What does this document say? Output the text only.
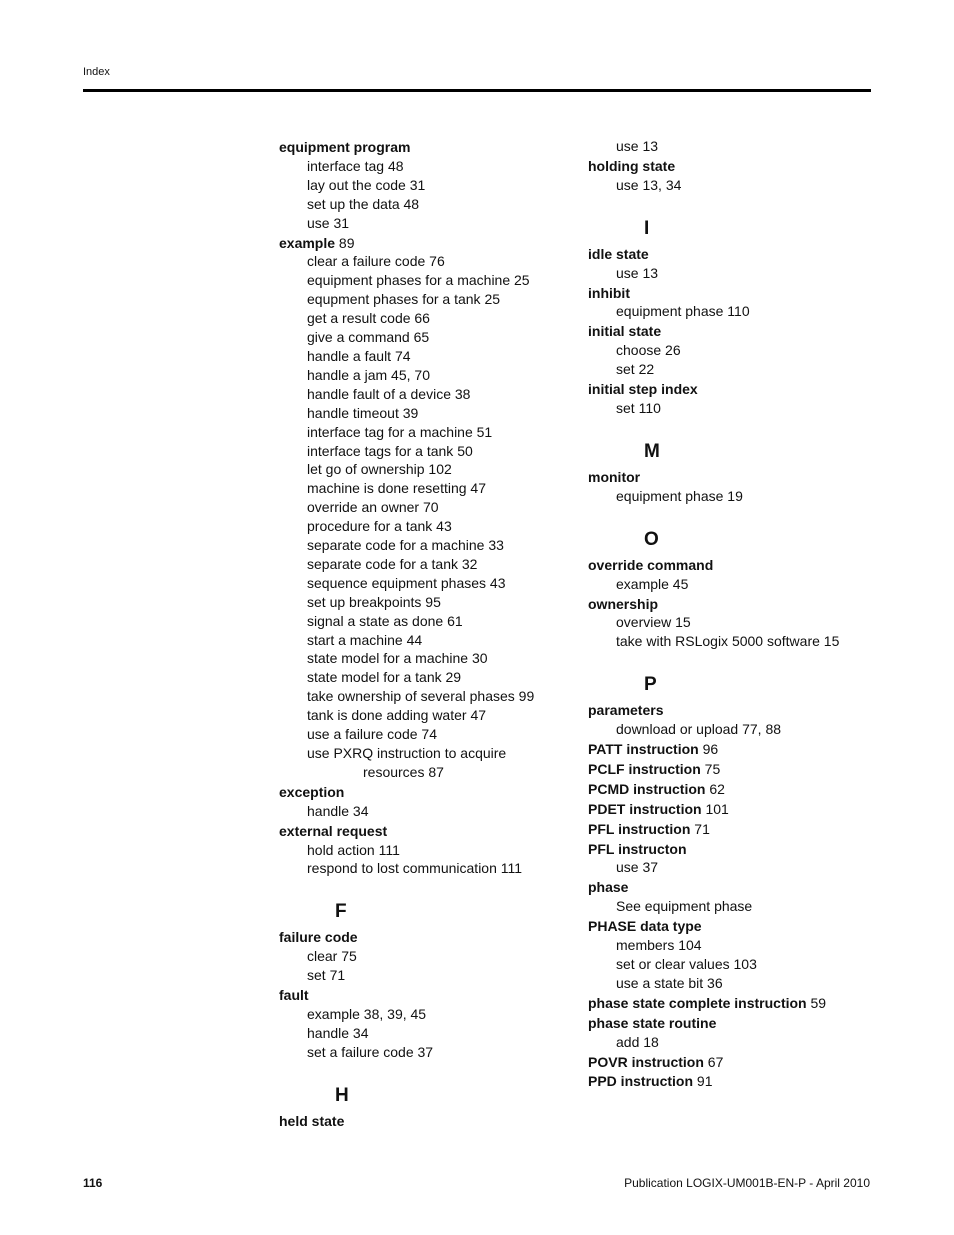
Index
equipment program
interface tag 48
lay out the code 31
set up the data 48
use 31
example 89
clear a failure code 76
equipment phases for a machine 25
equpment phases for a tank 25
get a result code 66
give a command 65
handle a fault 74
handle a jam 45, 70
handle fault of a device 38
handle timeout 39
interface tag for a machine 51
interface tags for a tank 50
let go of ownership 102
machine is done resetting 47
override an owner 70
procedure for a tank 43
separate code for a machine 33
separate code for a tank 32
sequence equipment phases 43
set up breakpoints 95
signal a state as done 61
start a machine 44
state model for a machine 30
state model for a tank 29
take ownership of several phases 99
tank is done adding water 47
use a failure code 74
use PXRQ instruction to acquire
resources 87
exception
handle 34
external request
hold action 111
respond to lost communication 111
F
failure code
clear 75
set 71
fault
example 38, 39, 45
handle 34
set a failure code 37
H
held state
use 13
holding state
use 13, 34
I
idle state
use 13
inhibit
equipment phase 110
initial state
choose 26
set 22
initial step index
set 110
M
monitor
equipment phase 19
O
override command
example 45
ownership
overview 15
take with RSLogix 5000 software 15
P
parameters
download or upload 77, 88
PATT instruction 96
PCLF instruction 75
PCMD instruction 62
PDET instruction 101
PFL instruction 71
PFL instructon
use 37
phase
See equipment phase
PHASE data type
members 104
set or clear values 103
use a state bit 36
phase state complete instruction 59
phase state routine
add 18
POVR instruction 67
PPD instruction 91
116	Publication LOGIX-UM001B-EN-P - April 2010
